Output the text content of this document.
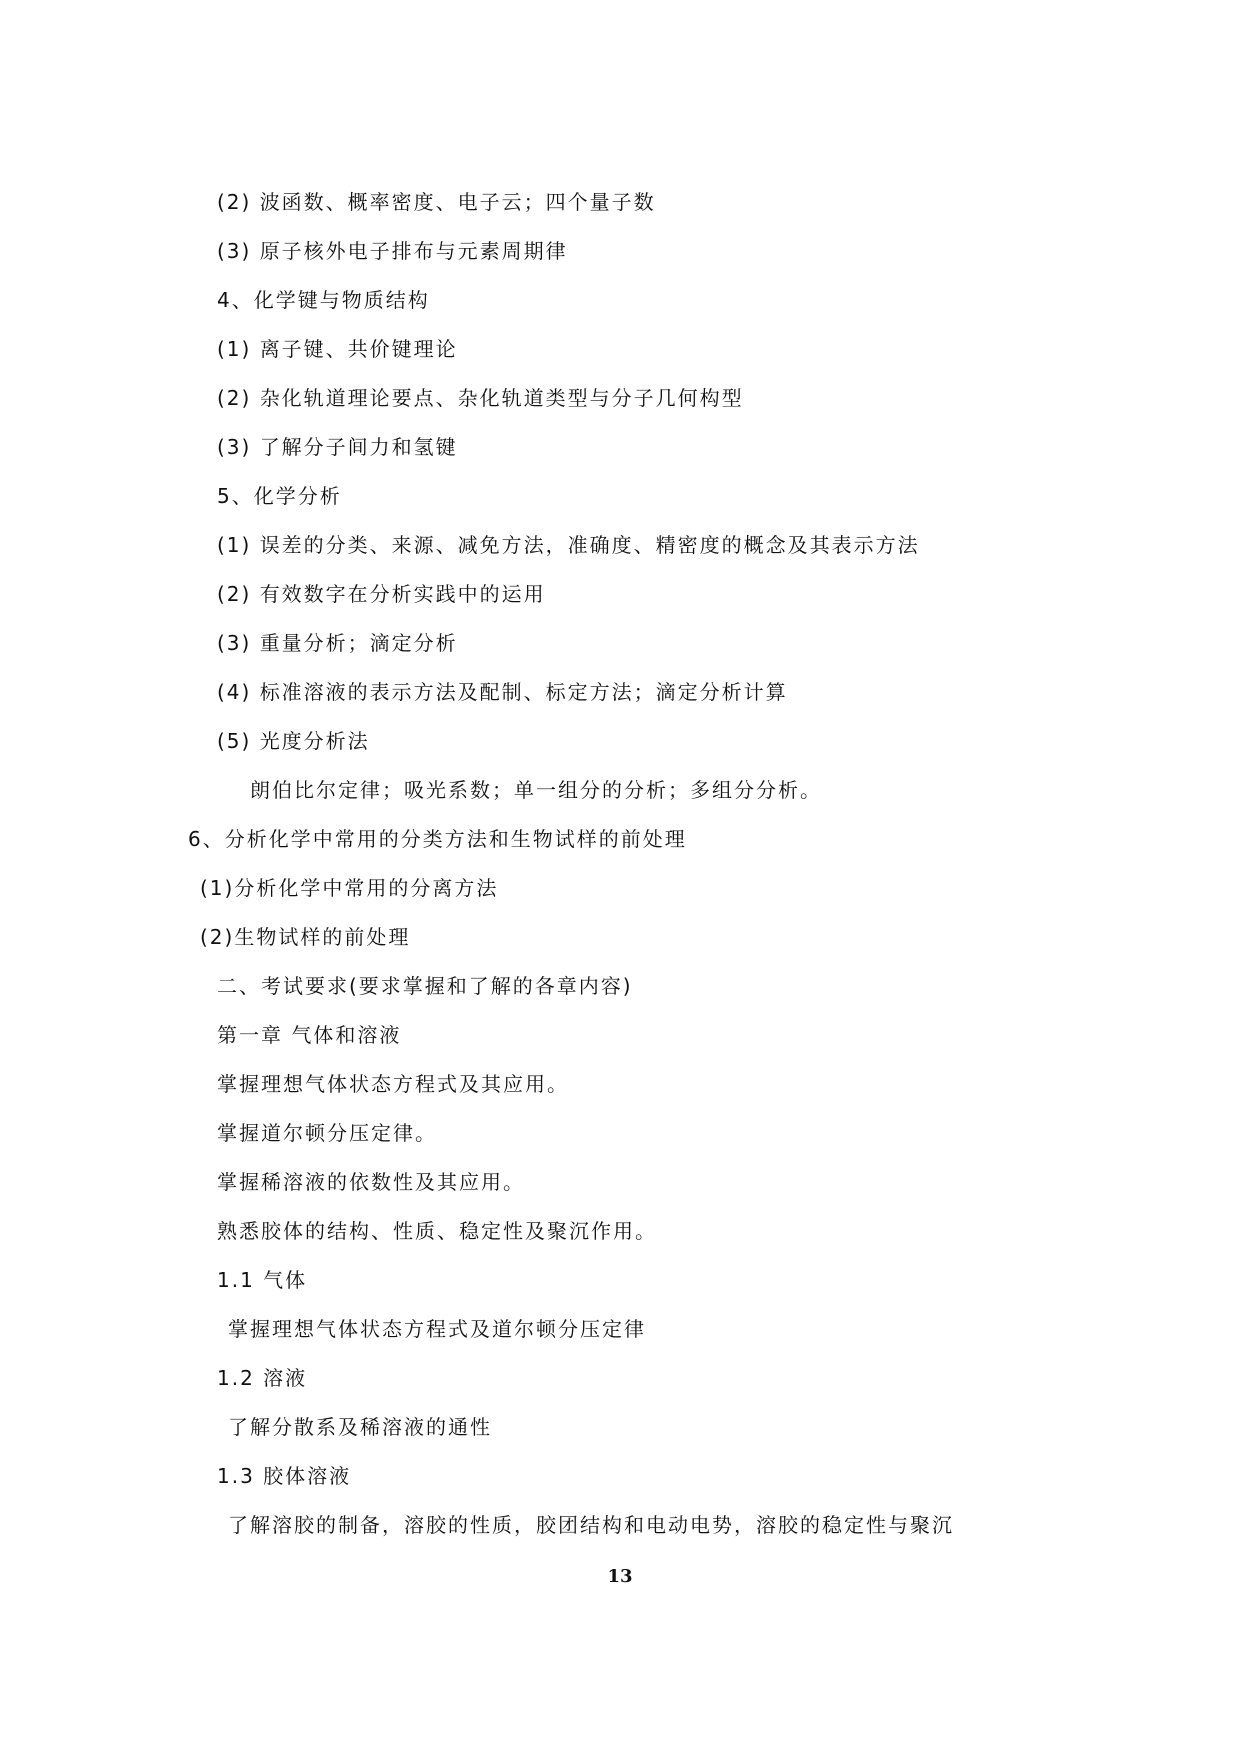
(2) 波函数、概率密度、电子云；四个量子数
(3) 原子核外电子排布与元素周期律
4、化学键与物质结构
(1) 离子键、共价键理论
(2) 杂化轨道理论要点、杂化轨道类型与分子几何构型
(3) 了解分子间力和氢键
5、化学分析
(1) 误差的分类、来源、减免方法，准确度、精密度的概念及其表示方法
(2) 有效数字在分析实践中的运用
(3) 重量分析；滴定分析
(4) 标准溶液的表示方法及配制、标定方法；滴定分析计算
(5) 光度分析法
朗伯比尔定律；吸光系数；单一组分的分析；多组分分析。
6、分析化学中常用的分类方法和生物试样的前处理
(1)分析化学中常用的分离方法
(2)生物试样的前处理
二、考试要求(要求掌握和了解的各章内容)
第一章 气体和溶液
掌握理想气体状态方程式及其应用。
掌握道尔顿分压定律。
掌握稀溶液的依数性及其应用。
熟悉胶体的结构、性质、稳定性及聚沉作用。
1.1 气体
掌握理想气体状态方程式及道尔顿分压定律
1.2 溶液
了解分散系及稀溶液的通性
1.3 胶体溶液
了解溶胶的制备，溶胶的性质，胶团结构和电动电势，溶胶的稳定性与聚沉
13
